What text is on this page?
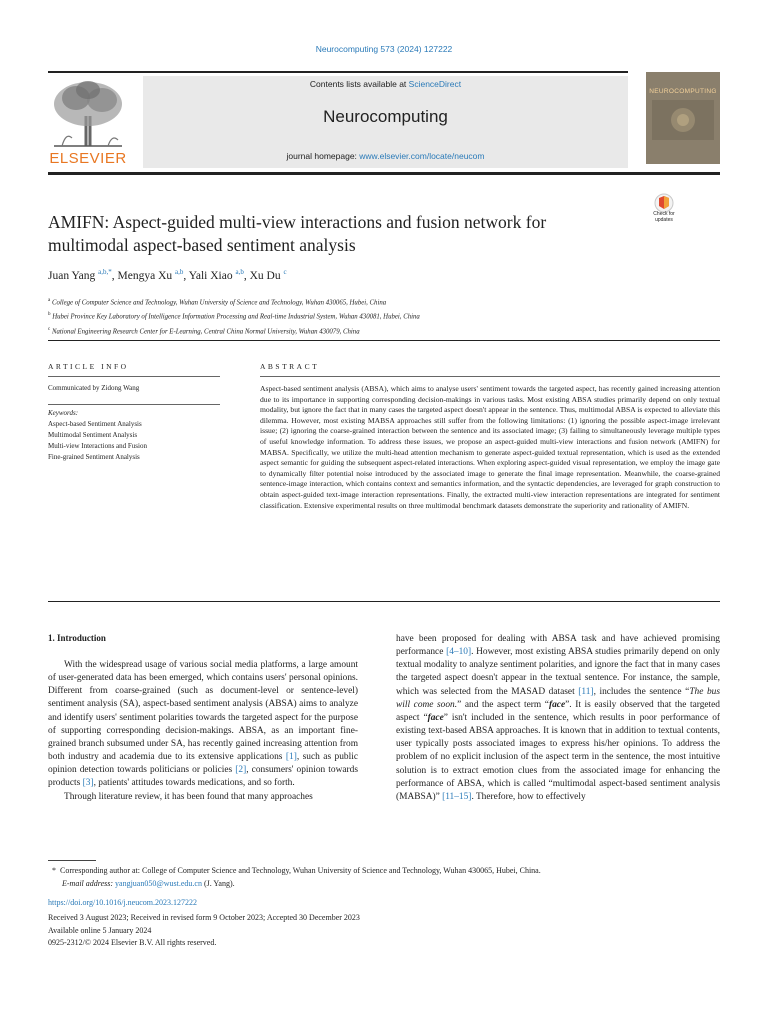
Neurocomputing 573 (2024) 127222
ELSEVIER
Contents lists available at ScienceDirect
Neurocomputing
journal homepage: www.elsevier.com/locate/neucom
NEUROCOMPUTING
Check for updates
AMIFN: Aspect-guided multi-view interactions and fusion network for multimodal aspect-based sentiment analysis
Juan Yang $^{a,b,*}$, Mengya Xu $^{a,b}$, Yali Xiao $^{a,b}$, Xu Du $^c$
$^a$ College of Computer Science and Technology, Wuhan University of Science and Technology, Wuhan 430065, Hubei, China
$^b$ Hubei Province Key Laboratory of Intelligence Information Processing and Real-time Industrial System, Wuhan 430081, Hubei, China
$^c$ National Engineering Research Center for E-Learning, Central China Normal University, Wuhan 430079, China
ARTICLE INFO
Communicated by Zidong Wang
Keywords:
Aspect-based Sentiment Analysis
Multimodal Sentiment Analysis
Multi-view Interactions and Fusion
Fine-grained Sentiment Analysis
ABSTRACT
Aspect-based sentiment analysis (ABSA), which aims to analyse users' sentiment towards the targeted aspect, has recently gained increasing attention due to its importance in supporting corresponding decision-makings in various tasks. Most existing ABSA studies primarily depend on only textual modality, but ignore the fact that in many cases the targeted aspect doesn't appear in the sentence. Thus, multimodal ABSA is expected to alleviate this dilemma. However, most existing MABSA approaches still suffer from the following limitations: (1) ignoring the possible aspect-image irrelevant issue; (2) ignoring the coarse-grained interaction between the sentence and its associated image; (3) failing to simultaneously leverage multiple types of useful knowledge information. To address these issues, we propose an aspect-guided multi-view interactions and fusion network (AMIFN) for MABSA. Specifically, we utilize the multi-head attention mechanism to generate aspect-guided textual representation, which is used as the extended aspect semantic for guiding the subsequent aspect-related interactions. When exploring aspect-guided visual representation, we employ the image gate to dynamically filter potential noise introduced by the associated image to generate the final image representation. Meanwhile, the coarse-grained sentence-image interaction, which contains context and semantics information, and the syntactic dependencies, are leveraged for graph construction to obtain aspect-guided text-image interaction representations. Finally, the extracted multi-view interaction representations are integrated for sentiment classification. Extensive experimental results on three multimodal benchmark datasets demonstrate the superiority and rationality of AMIFN.
1. Introduction

With the widespread usage of various social media platforms, a large amount of user-generated data has been emerged, which contains users' personal opinions. Different from coarse-grained (such as document-level or sentence-level) sentiment analysis (SA), aspect-based sentiment analysis (ABSA) aims to analyze and identify users' sentiment polarities towards the targeted aspect for the purpose of supporting corresponding decision-makings. ABSA, as an important fine-grained branch subsumed under SA, has recently gained increasing attention from both industry and academia due to its extensive applications [1], such as public opinion detection towards politicians or policies [2], consumers' opinion towards products [3], patients' attitudes towards medications, and so forth.

Through literature review, it has been found that many approaches

have been proposed for dealing with ABSA task and have achieved promising performance [4–10]. However, most existing ABSA studies primarily depend on only textual modality to analyze sentiment polarities, and ignore the fact that in many cases the targeted aspect doesn't appear in the textual sentence. For instance, the sample, which was selected from the MASAD dataset [11], includes the sentence “The bus will come soon.” and the aspect term “face”. It is easily observed that the targeted aspect “face” isn't included in the sentence, which results in poor performance of existing text-based ABSA approaches. It is known that in addition to textual contents, user typically posts associated images to express his/her opinions. To address the problem of no explicit inclusion of the aspect term in the sentence, the most intuitive solution is to extract emotion clues from the associated image for enhancing the performance of ABSA, which is called “multimodal aspect-based sentiment analysis (MABSA)” [11–15]. Therefore, how to effectively

*  Corresponding author at: College of Computer Science and Technology, Wuhan University of Science and Technology, Wuhan 430065, Hubei, China.
E-mail address: yangjuan050@wust.edu.cn (J. Yang).
https://doi.org/10.1016/j.neucom.2023.127222
Received 3 August 2023; Received in revised form 9 October 2023; Accepted 30 December 2023
Available online 5 January 2024
0925-2312/© 2024 Elsevier B.V. All rights reserved.
